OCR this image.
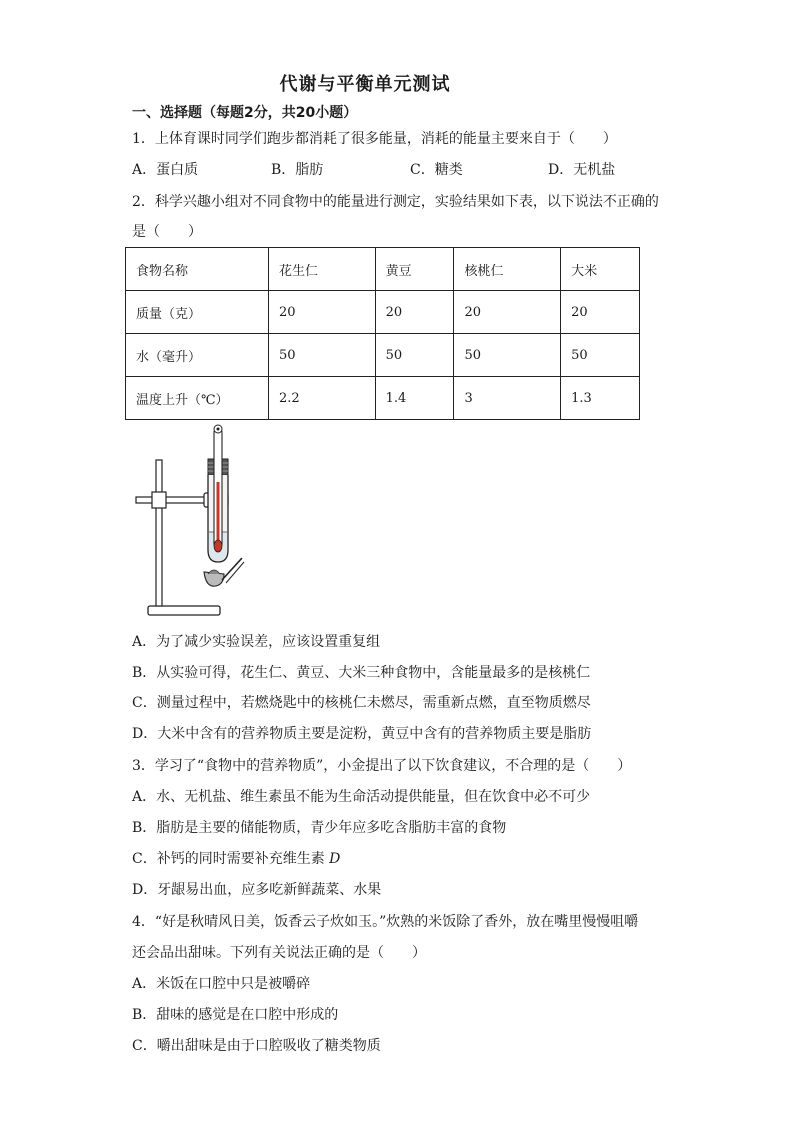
代谢与平衡单元测试
一、选择题（每题2分，共20小题）
1．上体育课时同学们跑步都消耗了很多能量，消耗的能量主要来自于（　　）
A．蛋白质	B．脂肪	C．糖类	D．无机盐
2．科学兴趣小组对不同食物中的能量进行测定，实验结果如下表，以下说法不正确的
是（　　）
食物名称	花生仁	黄豆	核桃仁	大米
质量（克）	20	20	20	20
水（毫升）	50	50	50	50
温度上升（℃）	2.2	1.4	3	1.3
A．为了减少实验误差，应该设置重复组
B．从实验可得，花生仁、黄豆、大米三种食物中，含能量最多的是核桃仁
C．测量过程中，若燃烧匙中的核桃仁未燃尽，需重新点燃，直至物质燃尽
D．大米中含有的营养物质主要是淀粉，黄豆中含有的营养物质主要是脂肪
3．学习了“食物中的营养物质”，小金提出了以下饮食建议，不合理的是（　　）
A．水、无机盐、维生素虽不能为生命活动提供能量，但在饮食中必不可少
B．脂肪是主要的储能物质，青少年应多吃含脂肪丰富的食物
C．补钙的同时需要补充维生素 D
D．牙龈易出血，应多吃新鲜蔬菜、水果
4．“好是秋晴风日美，饭香云子炊如玉。”炊熟的米饭除了香外，放在嘴里慢慢咀嚼
还会品出甜味。下列有关说法正确的是（　　）
A．米饭在口腔中只是被嚼碎
B．甜味的感觉是在口腔中形成的
C．嚼出甜味是由于口腔吸收了糖类物质
